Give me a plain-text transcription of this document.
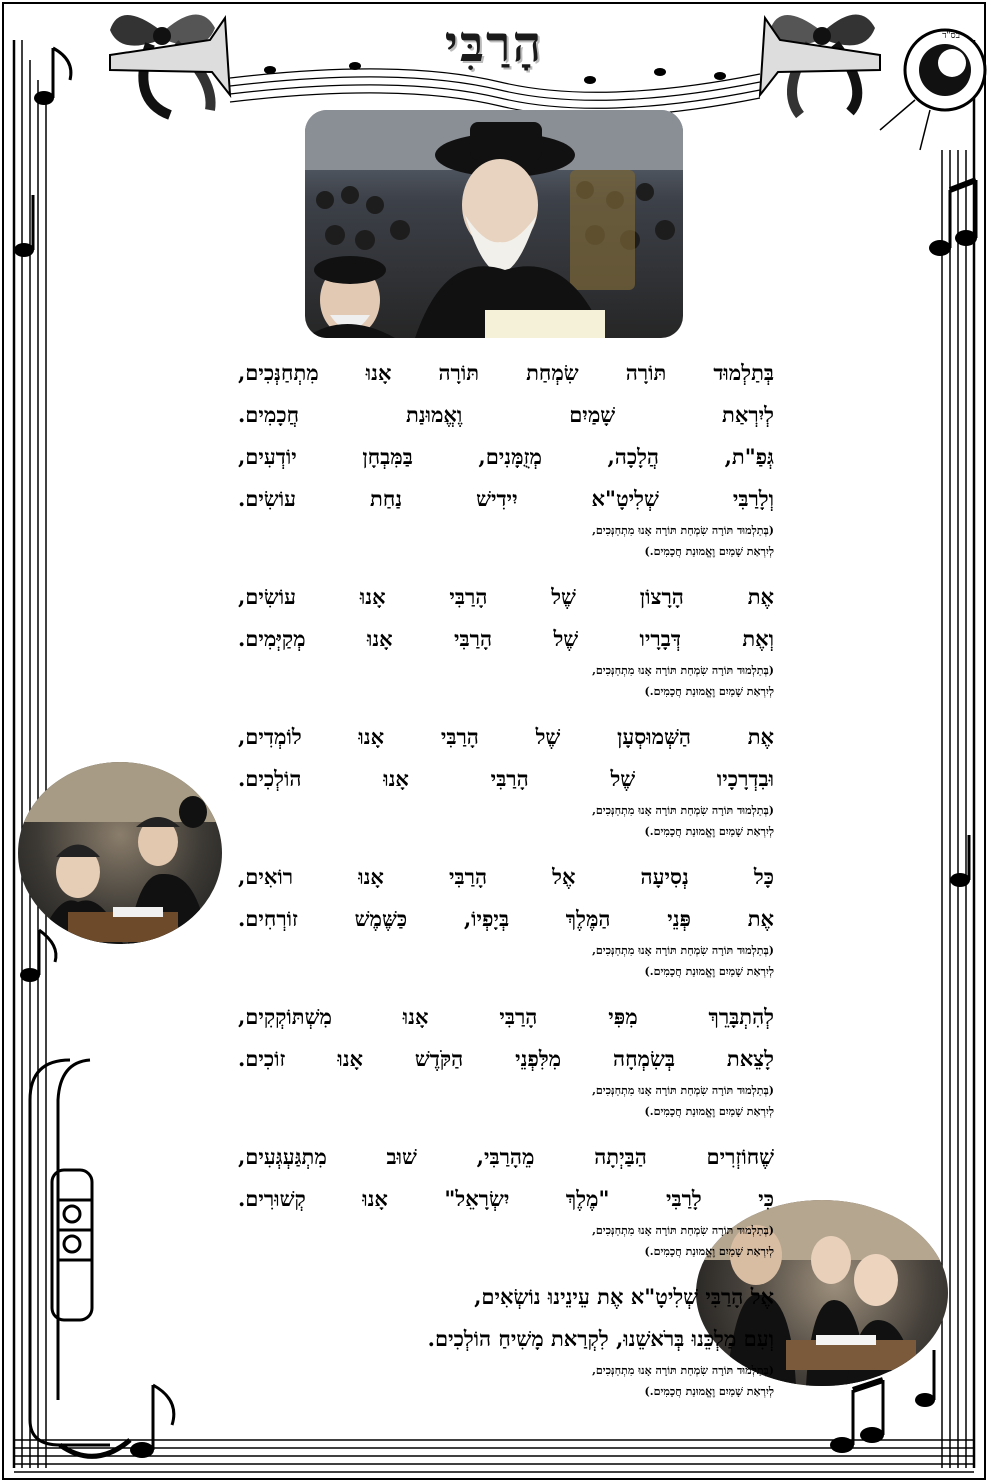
בס"ד
הָרַבִּי
בְּתַלְמוּד תּוֹרָה שִׂמְחַת תּוֹרָה אָנוּ מִתְחַנְּכִים,
לְיִרְאַת שָׁמַיִם וֶאֱמוּנַת חֲכָמִים.
גְּפַ"ת, הֲלָכָה, מְזֻמָּנִים, בַּמִּבְחָן יוֹדְעִים,
וְלָרַבִּי שְׁלִיטָ"א יִידִישׁ נַחַת עוֹשִׂים.
(בְּתַלְמוּד תּוֹרָה שִׂמְחַת תּוֹרָה אָנוּ מִתְחַנְּכִים,
לְיִרְאַת שָׁמַיִם וֶאֱמוּנַת חֲכָמִים.)
אֶת הָרָצוֹן שֶׁל הָרַבִּי אָנוּ עוֹשִׂים,
וְאֶת דְּבָרָיו שֶׁל הָרַבִּי אָנוּ מְקַיְּמִים.
(בְּתַלְמוּד תּוֹרָה שִׂמְחַת תּוֹרָה אָנוּ מִתְחַנְּכִים,
לְיִרְאַת שָׁמַיִם וֶאֱמוּנַת חֲכָמִים.)
אֶת הַשְּׁמוּסְעָן שֶׁל הָרַבִּי אָנוּ לוֹמְדִים,
וּבִדְרָכָיו שֶׁל הָרַבִּי אָנוּ הוֹלְכִים.
(בְּתַלְמוּד תּוֹרָה שִׂמְחַת תּוֹרָה אָנוּ מִתְחַנְּכִים,
לְיִרְאַת שָׁמַיִם וֶאֱמוּנַת חֲכָמִים.)
כָּל נְסִיעָה אֶל הָרַבִּי אָנוּ רוֹאִים,
אֶת פְּנֵי הַמֶּלֶךְ בְּיָפְיוֹ, כַּשֶּׁמֶשׁ זוֹרְחִים.
(בְּתַלְמוּד תּוֹרָה שִׂמְחַת תּוֹרָה אָנוּ מִתְחַנְּכִים,
לְיִרְאַת שָׁמַיִם וֶאֱמוּנַת חֲכָמִים.)
לְהִתְבָּרֵךְ מִפִּי הָרַבִּי אָנוּ מִשְׁתּוֹקְקִים,
לָצֵאת בְּשִׂמְחָה מִלִּפְנֵי הַקֹּדֶשׁ אָנוּ זוֹכִים.
(בְּתַלְמוּד תּוֹרָה שִׂמְחַת תּוֹרָה אָנוּ מִתְחַנְּכִים,
לְיִרְאַת שָׁמַיִם וֶאֱמוּנַת חֲכָמִים.)
שֶׁחוֹזְרִים הַבַּיְתָה מֵהָרַבִּי, שׁוּב מִתְגַּעְגְּעִים,
כִּי לָרַבִּי "מֶלֶךְ יִשְׂרָאֵל" אָנוּ קְשׁוּרִים.
(בְּתַלְמוּד תּוֹרָה שִׂמְחַת תּוֹרָה אָנוּ מִתְחַנְּכִים,
לְיִרְאַת שָׁמַיִם וֶאֱמוּנַת חֲכָמִים.)
אֶל הָרַבִּי שְׁלִיטָ"א אֶת עֵינֵינוּ נוֹשְׂאִים,
וְעִם מַלְכֵּנוּ בְּרֹאשֵׁנוּ, לִקְרַאת מָשִׁיחַ הוֹלְכִים.
(בְּתַלְמוּד תּוֹרָה שִׂמְחַת תּוֹרָה אָנוּ מִתְחַנְּכִים,
לְיִרְאַת שָׁמַיִם וֶאֱמוּנַת חֲכָמִים.)
